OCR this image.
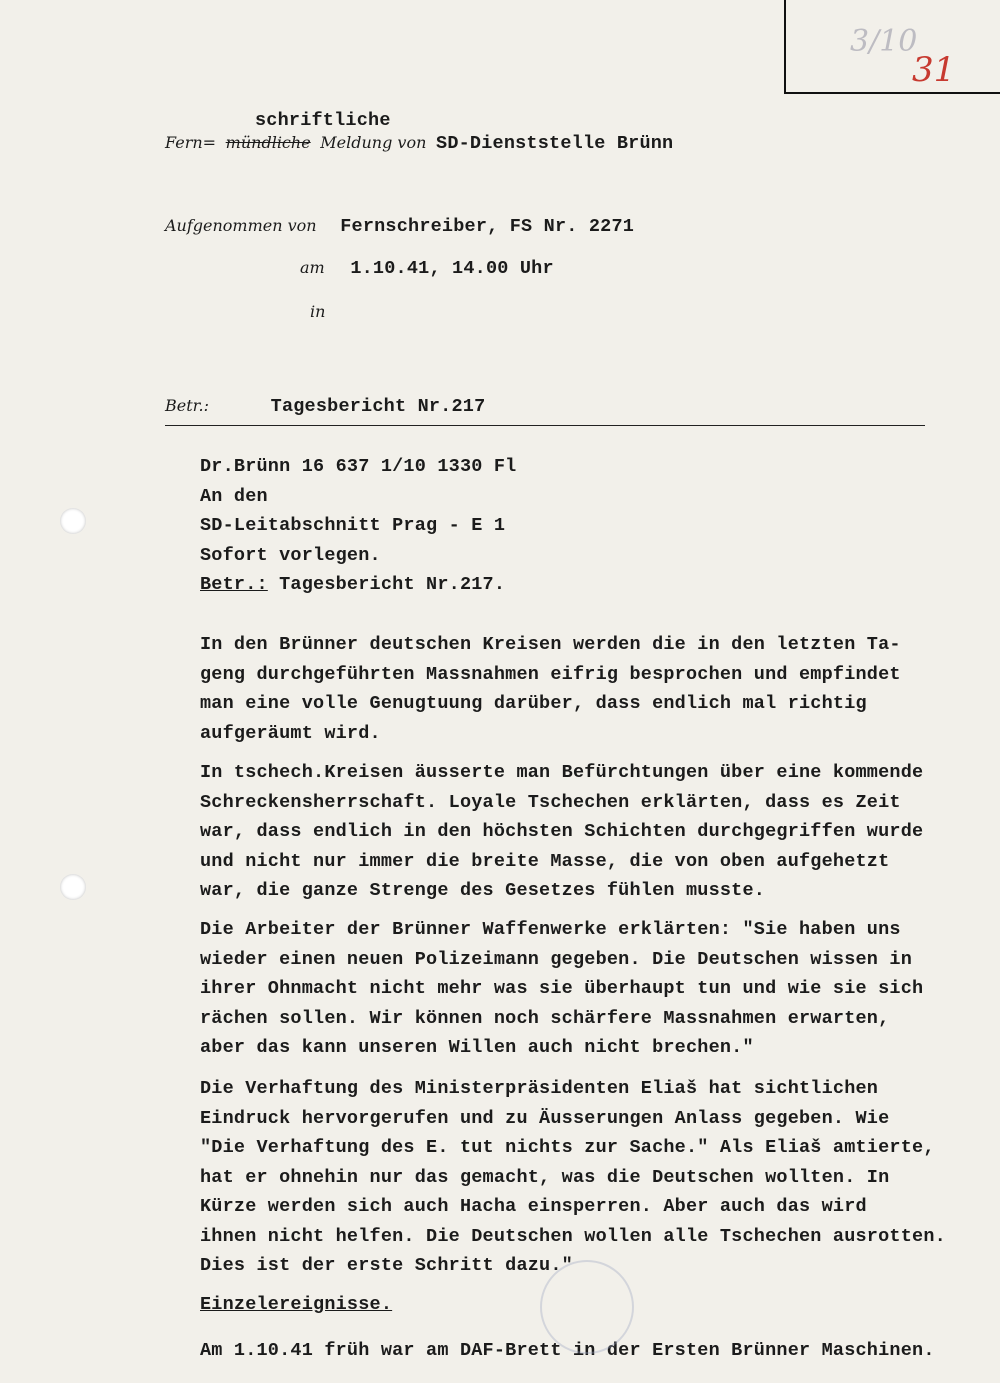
3/10
31
schriftliche
Fern= mündliche Meldung von SD-Dienststelle Brünn
Aufgenommen von Fernschreiber, FS Nr. 2271
am 1.10.41, 14.00 Uhr
in
Betr.:	Tagesbericht Nr.217

Dr.Brünn 16 637 1/10 1330 Fl
An den
SD-Leitabschnitt Prag - E 1
Sofort vorlegen.

Betr.: Tagesbericht Nr.217.

In den Brünner deutschen Kreisen werden die in den letzten Ta-
geng durchgeführten Massnahmen eifrig besprochen und empfindet
man eine volle Genugtuung darüber, dass endlich mal richtig
aufgeräumt wird.

In tschech.Kreisen äusserte man Befürchtungen über eine kommende
Schreckensherrschaft. Loyale Tschechen erklärten, dass es Zeit
war, dass endlich in den höchsten Schichten durchgegriffen wurde
und nicht nur immer die breite Masse, die von oben aufgehetzt
war, die ganze Strenge des Gesetzes fühlen musste.

Die Arbeiter der Brünner Waffenwerke erklärten: "Sie haben uns
wieder einen neuen Polizeimann gegeben. Die Deutschen wissen in
ihrer Ohnmacht nicht mehr was sie überhaupt tun und wie sie sich
rächen sollen. Wir können noch schärfere Massnahmen erwarten,
aber das kann unseren Willen auch nicht brechen."

Die Verhaftung des Ministerpräsidenten Eliaš hat sichtlichen
Eindruck hervorgerufen und zu Äusserungen Anlass gegeben. Wie
"Die Verhaftung des E. tut nichts zur Sache." Als Eliaš amtierte,
hat er ohnehin nur das gemacht, was die Deutschen wollten. In
Kürze werden sich auch Hacha einsperren. Aber auch das wird
ihnen nicht helfen. Die Deutschen wollen alle Tschechen ausrotten.
Dies ist der erste Schritt dazu."

Einzelereignisse.

Am 1.10.41 früh war am DAF-Brett in der Ersten Brünner Maschinen.
